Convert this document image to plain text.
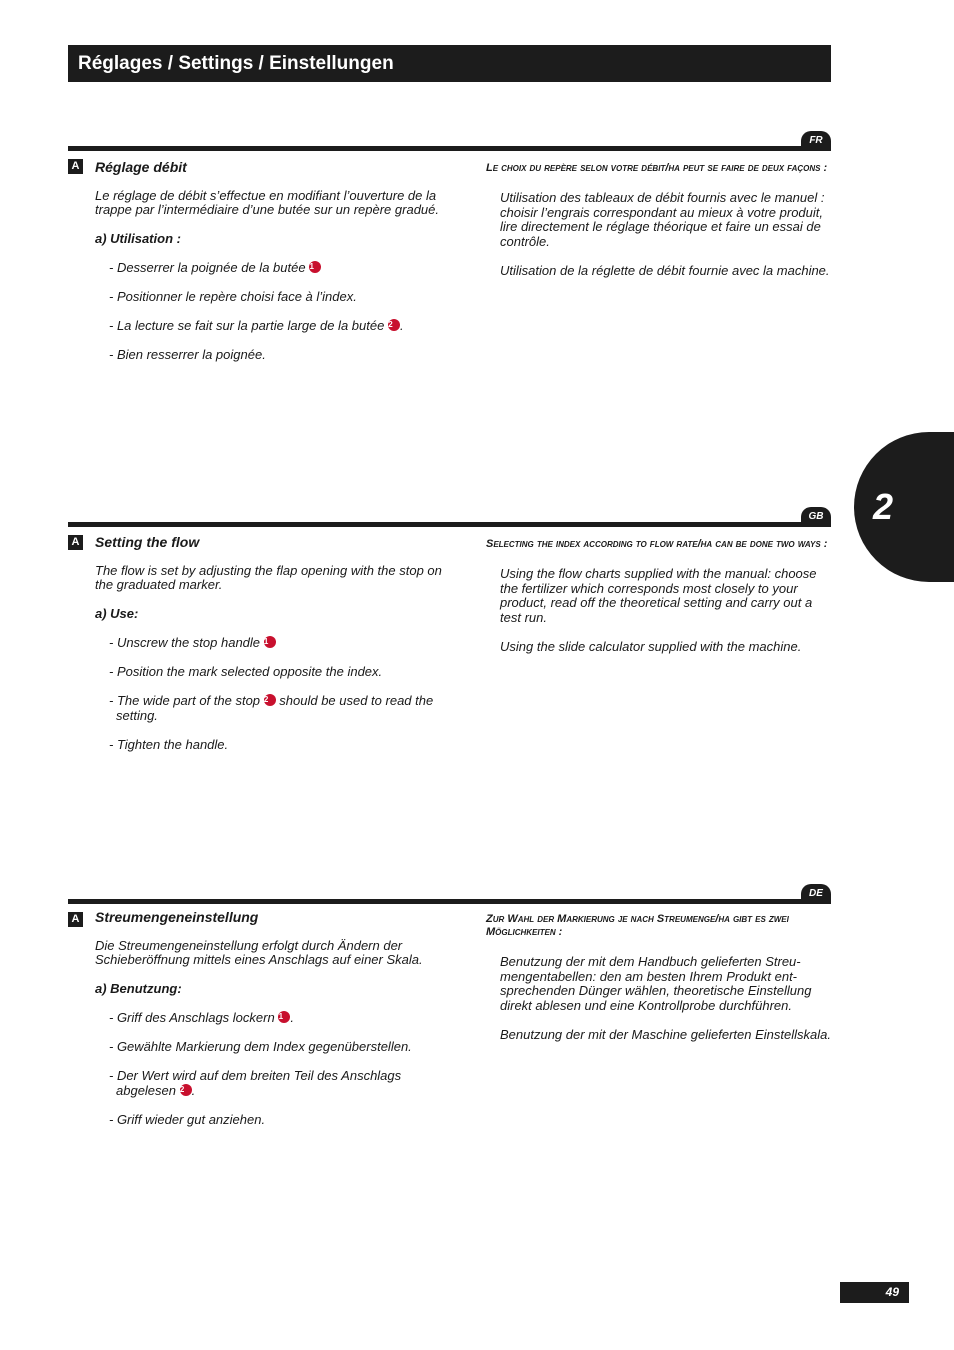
Réglages / Settings / Einstellungen
2
FR
A Réglage débit
Le réglage de débit s’effectue en modifiant l’ouverture de la trappe par l’intermédiaire d’une butée sur un repère gradué.
a) Utilisation :
- Desserrer la poignée de la butée 1
- Positionner le repère choisi face à l’index.
- La lecture se fait sur la partie large de la butée 2 .
- Bien resserrer la poignée.
Le choix du repère selon votre débit/ha peut se faire de deux façons :
Utilisation des tableaux de débit fournis avec le manuel : choisir l’engrais correspondant au mieux à votre produit, lire directement le réglage théorique et faire un essai de contrôle.
Utilisation de la réglette de débit fournie avec la machine.
GB
A Setting the flow
The flow is set by adjusting the flap opening with the stop on the graduated marker.
a) Use:
- Unscrew the stop handle 1
- Position the mark selected opposite the index.
- The wide part of the stop 2 should be used to read the setting.
- Tighten the handle.
Selecting the index according to flow rate/ha can be done two ways :
Using the flow charts supplied with the manual: choose the fertilizer which corresponds most closely to your product, read off the theoretical setting and carry out a test run.
Using the slide calculator supplied with the machine.
DE
A Streumengeneinstellung
Die Streumengeneinstellung erfolgt durch Ändern der Schieberöffnung mittels eines Anschlags auf einer Skala.
a) Benutzung:
- Griff des Anschlags lockern 1 .
- Gewählte Markierung dem Index gegenüberstellen.
- Der Wert wird auf dem breiten Teil des Anschlags abgelesen 2 .
- Griff wieder gut anziehen.
Zur Wahl der Markierung je nach Streumenge/ha gibt es zwei Möglichkeiten :
Benutzung der mit dem Handbuch gelieferten Streu-mengentabellen: den am besten Ihrem Produkt ent-sprechenden Dünger wählen, theoretische Einstellung direkt ablesen und eine Kontrollprobe durchführen.
Benutzung der mit der Maschine gelieferten Einstellskala.
49
